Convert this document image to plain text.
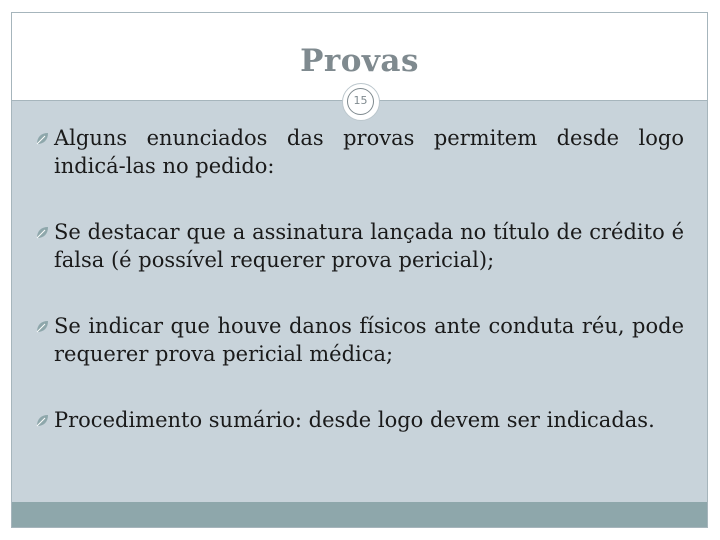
Provas
15
Alguns enunciados das provas permitem desde logo indicá-las no pedido:
Se destacar que a assinatura lançada no título de crédito é falsa (é possível requerer prova pericial);
Se indicar que houve danos físicos ante conduta réu, pode requerer prova pericial médica;
Procedimento sumário: desde logo devem ser indicadas.
